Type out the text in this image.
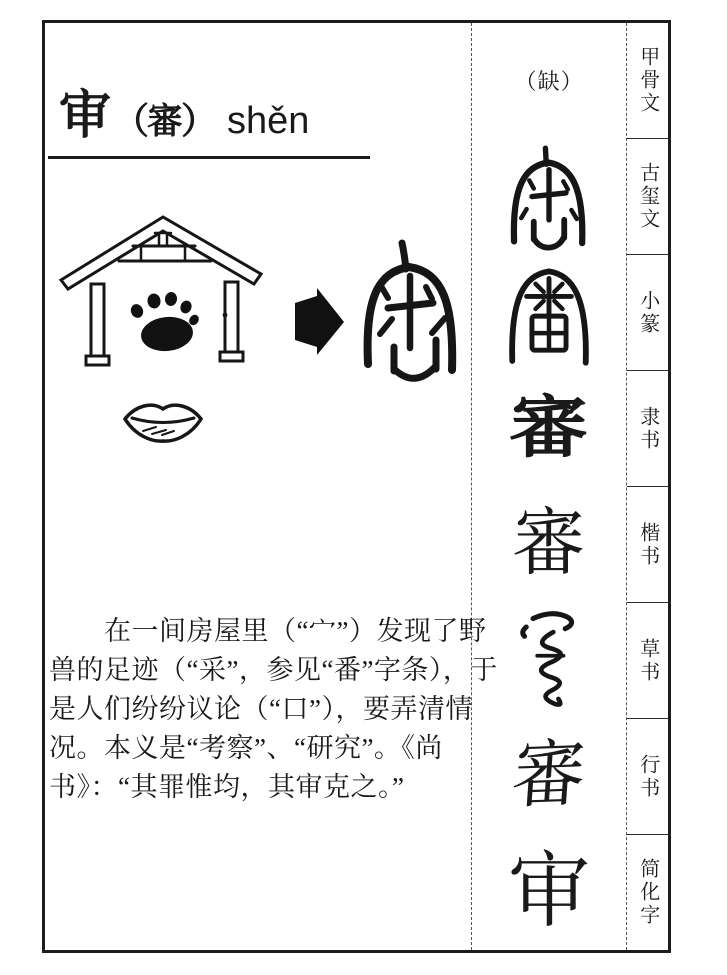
审 （審） shěn
在一间房屋里（“宀”）发现了野
兽的足迹（“采”，参见“番”字条），于
是人们纷纷议论（“口”），要弄清情
况。本义是“考察”、“研究”。《尚
书》：“其罪惟均，其审克之。”
（缺）
審
審
審
审
甲骨文
古玺文
小篆
隶书
楷书
草书
行书
简化字
